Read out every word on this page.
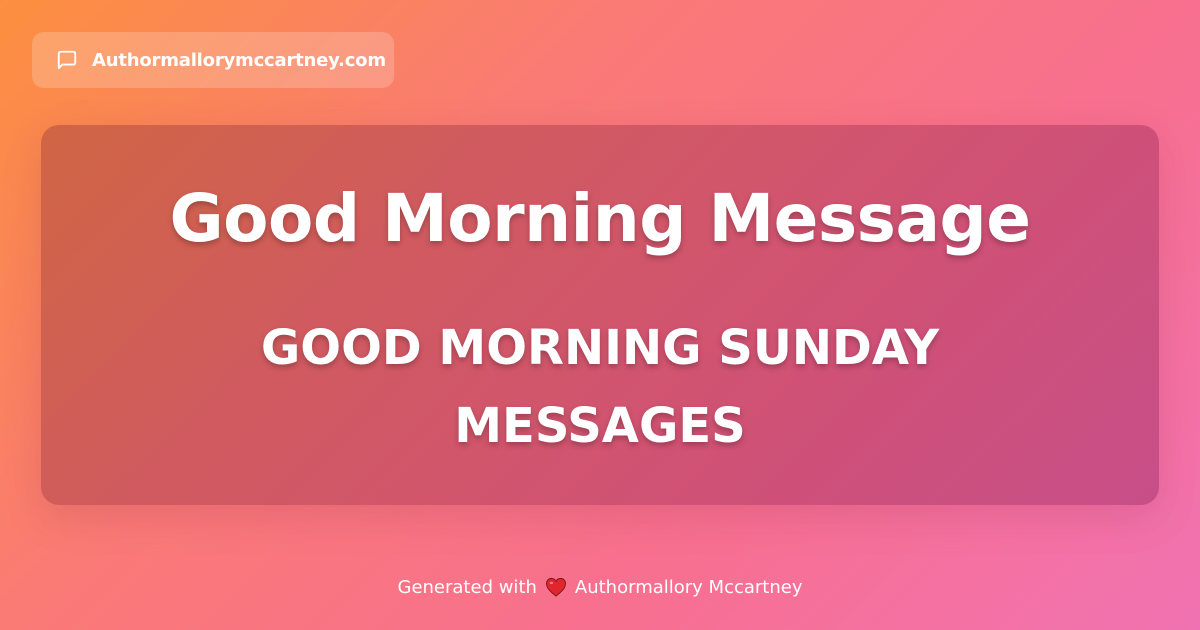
Authormallorymccartney.com
Good Morning Message
GOOD MORNING SUNDAY MESSAGES
Generated with Authormallory Mccartney
